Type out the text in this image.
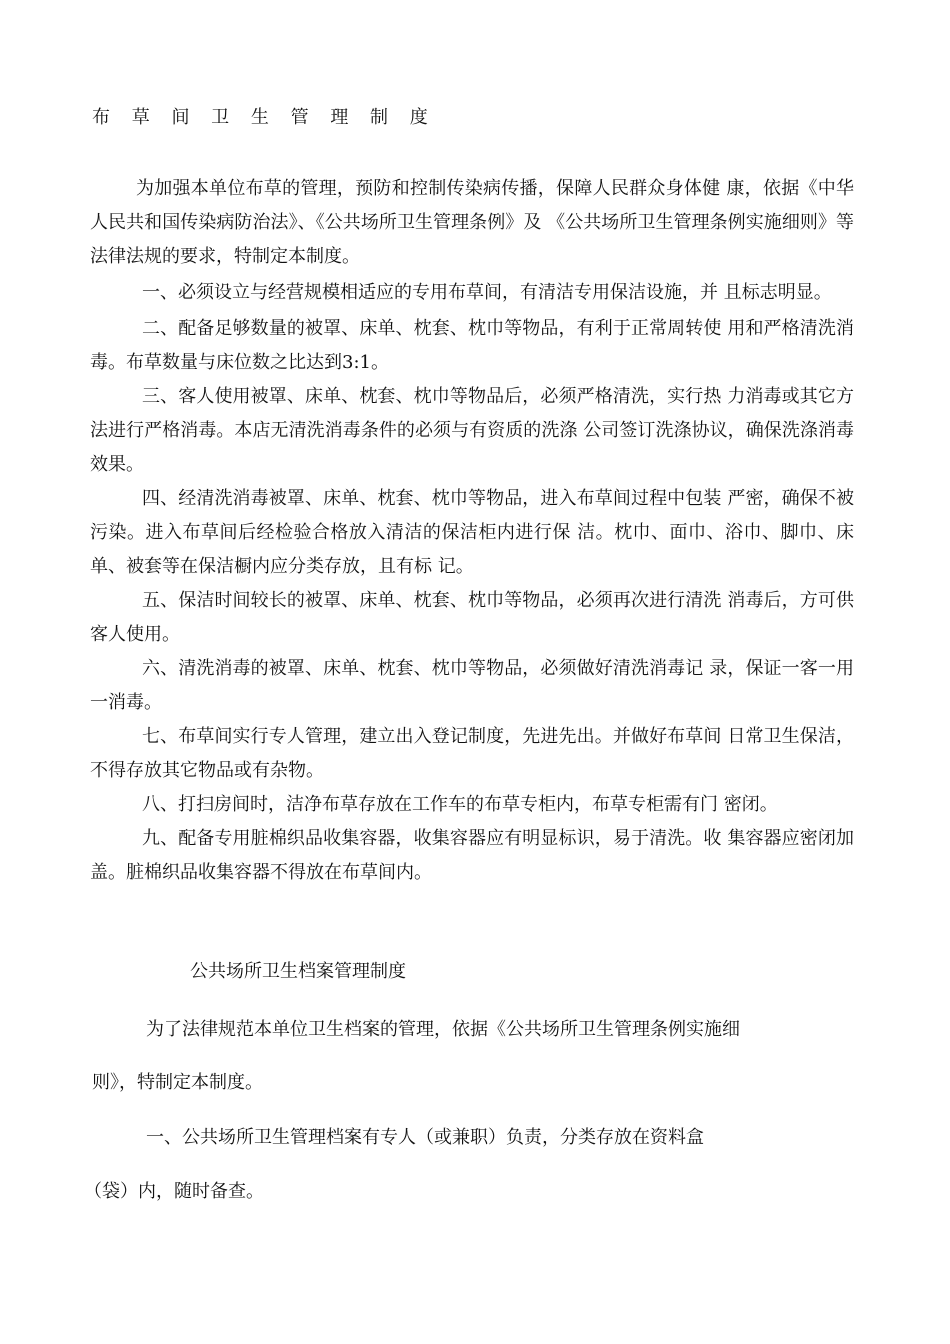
布 草 间 卫 生 管 理 制 度

为加强本单位布草的管理，预防和控制传染病传播，保障人民群众身体健 康，依据《中华人民共和国传染病防治法》、《公共场所卫生管理条例》及 《公共场所卫生管理条例实施细则》等法律法规的要求，特制定本制度。

一、必须设立与经营规模相适应的专用布草间，有清洁专用保洁设施，并 且标志明显。

二、配备足够数量的被罩、床单、枕套、枕巾等物品，有利于正常周转使 用和严格清洗消毒。布草数量与床位数之比达到3:1。

三、客人使用被罩、床单、枕套、枕巾等物品后，必须严格清洗，实行热 力消毒或其它方法进行严格消毒。本店无清洗消毒条件的必须与有资质的洗涤 公司签订洗涤协议，确保洗涤消毒效果。

四、经清洗消毒被罩、床单、枕套、枕巾等物品，进入布草间过程中包装 严密，确保不被污染。进入布草间后经检验合格放入清洁的保洁柜内进行保 洁。枕巾、面巾、浴巾、脚巾、床单、被套等在保洁橱内应分类存放，且有标 记。

五、保洁时间较长的被罩、床单、枕套、枕巾等物品，必须再次进行清洗 消毒后，方可供客人使用。

六、清洗消毒的被罩、床单、枕套、枕巾等物品，必须做好清洗消毒记 录，保证一客一用一消毒。

七、布草间实行专人管理，建立出入登记制度，先进先出。并做好布草间 日常卫生保洁，不得存放其它物品或有杂物。

八、打扫房间时，洁净布草存放在工作车的布草专柜内，布草专柜需有门 密闭。

九、配备专用脏棉织品收集容器，收集容器应有明显标识，易于清洗。收 集容器应密闭加盖。脏棉织品收集容器不得放在布草间内。

公共场所卫生档案管理制度
为了法律规范本单位卫生档案的管理，依据《公共场所卫生管理条例实施细
则》，特制定本制度。
一、公共场所卫生管理档案有专人（或兼职）负责，分类存放在资料盒
（袋）内，随时备查。
